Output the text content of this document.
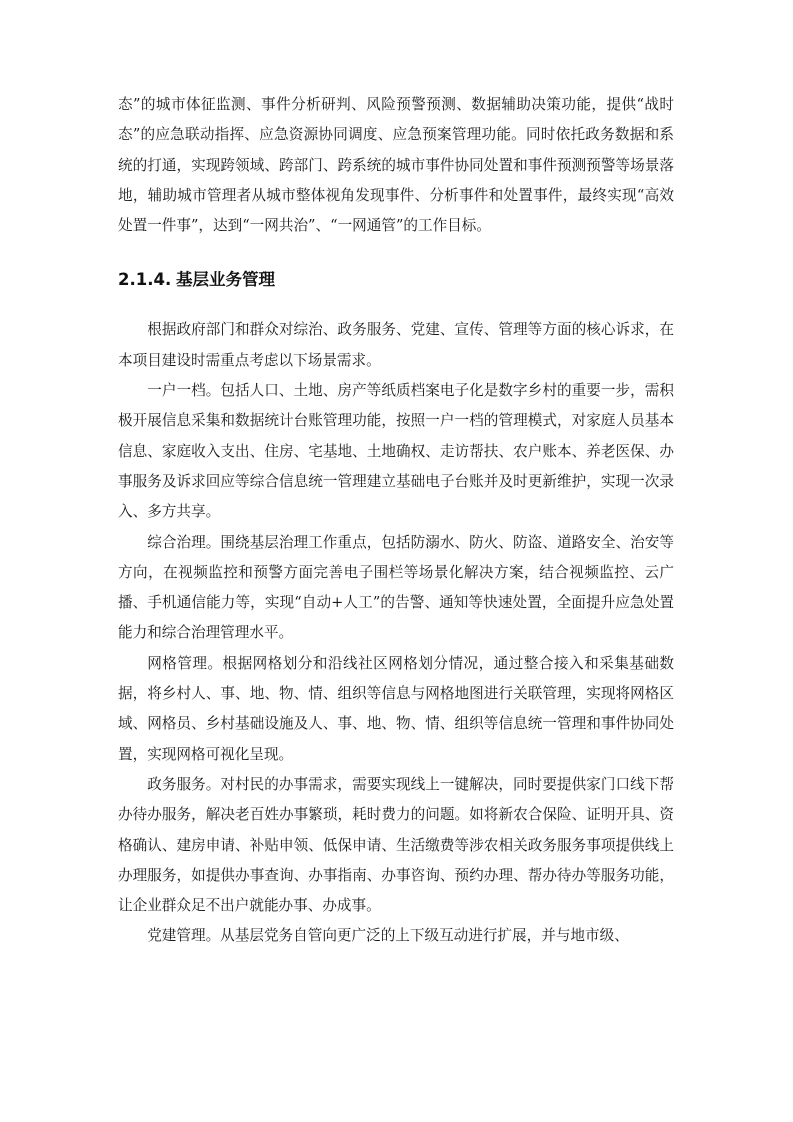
态”的城市体征监测、事件分析研判、风险预警预测、数据辅助决策功能，提供“战时态”的应急联动指挥、应急资源协同调度、应急预案管理功能。同时依托政务数据和系统的打通，实现跨领域、跨部门、跨系统的城市事件协同处置和事件预测预警等场景落地，辅助城市管理者从城市整体视角发现事件、分析事件和处置事件，最终实现“高效处置一件事”，达到“一网共治”、“一网通管”的工作目标。

2.1.4. 基层业务管理

根据政府部门和群众对综治、政务服务、党建、宣传、管理等方面的核心诉求，在本项目建设时需重点考虑以下场景需求。

一户一档。包括人口、土地、房产等纸质档案电子化是数字乡村的重要一步，需积极开展信息采集和数据统计台账管理功能，按照一户一档的管理模式，对家庭人员基本信息、家庭收入支出、住房、宅基地、土地确权、走访帮扶、农户账本、养老医保、办事服务及诉求回应等综合信息统一管理建立基础电子台账并及时更新维护，实现一次录入、多方共享。

综合治理。围绕基层治理工作重点，包括防溺水、防火、防盗、道路安全、治安等方向，在视频监控和预警方面完善电子围栏等场景化解决方案，结合视频监控、云广播、手机通信能力等，实现“自动+人工”的告警、通知等快速处置，全面提升应急处置能力和综合治理管理水平。

网格管理。根据网格划分和沿线社区网格划分情况，通过整合接入和采集基础数据，将乡村人、事、地、物、情、组织等信息与网格地图进行关联管理，实现将网格区域、网格员、乡村基础设施及人、事、地、物、情、组织等信息统一管理和事件协同处置，实现网格可视化呈现。

政务服务。对村民的办事需求，需要实现线上一键解决，同时要提供家门口线下帮办待办服务，解决老百姓办事繁琐，耗时费力的问题。如将新农合保险、证明开具、资格确认、建房申请、补贴申领、低保申请、生活缴费等涉农相关政务服务事项提供线上办理服务，如提供办事查询、办事指南、办事咨询、预约办理、帮办待办等服务功能，让企业群众足不出户就能办事、办成事。

党建管理。从基层党务自管向更广泛的上下级互动进行扩展，并与地市级、
